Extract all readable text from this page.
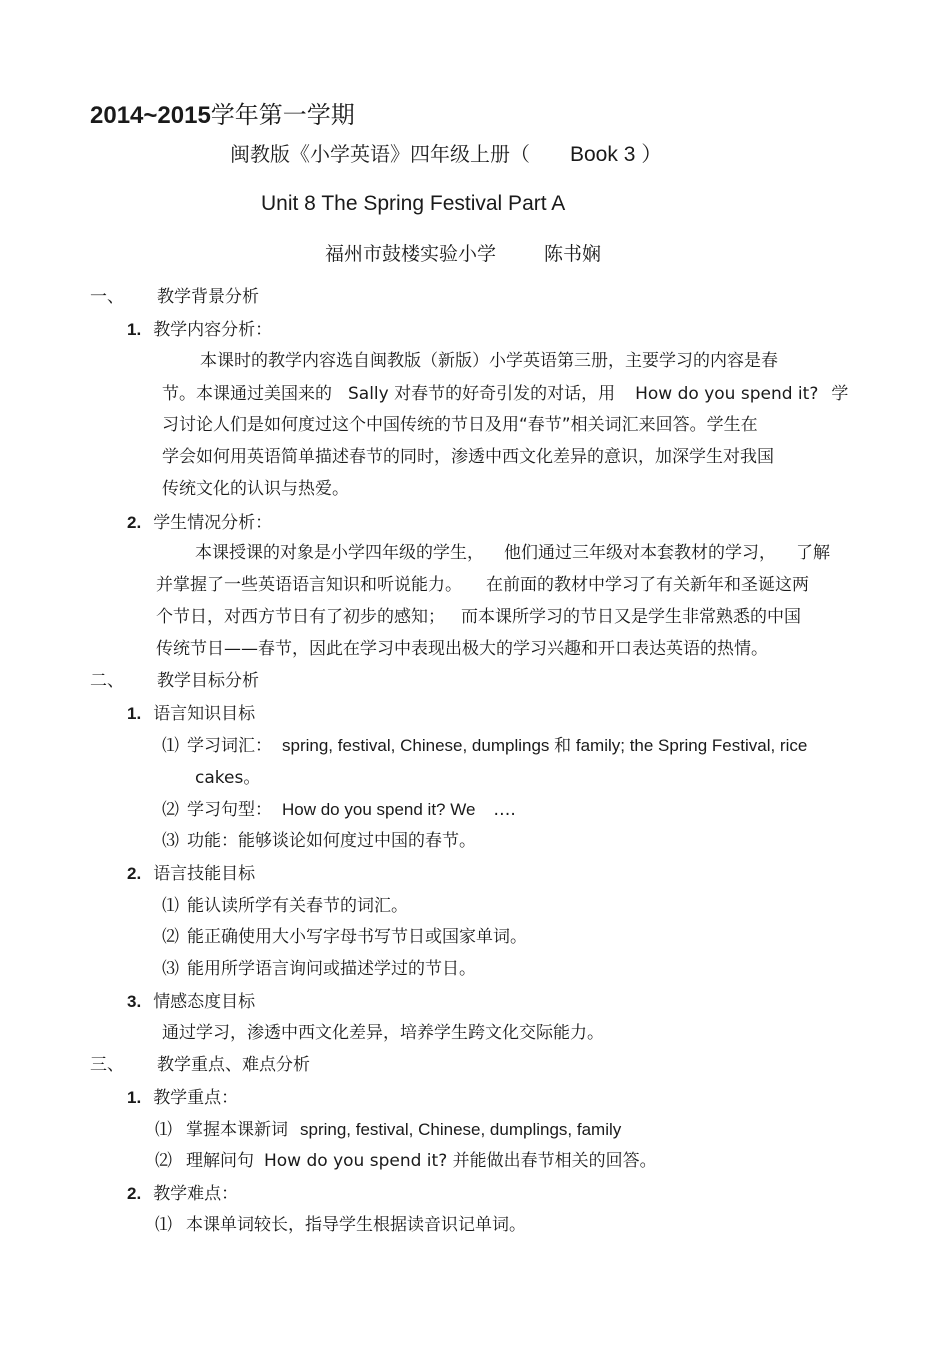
2014~2015学年第一学期
闽教版《小学英语》四年级上册（ Book 3 ）
Unit 8 The Spring Festival Part A
福州市鼓楼实验小学	陈书娴
一、 教学背景分析
1. 教学内容分析：
本课时的教学内容选自闽教版（新版）小学英语第三册，主要学习的内容是春
节。本课通过美国来的 Sally 对春节的好奇引发的对话，用 How do you spend it? 学
习讨论人们是如何度过这个中国传统的节日及用“春节”相关词汇来回答。学生在
学会如何用英语简单描述春节的同时，渗透中西文化差异的意识，加深学生对我国
传统文化的认识与热爱。
2. 学生情况分析：
本课授课的对象是小学四年级的学生， 他们通过三年级对本套教材的学习， 了解
并掌握了一些英语语言知识和听说能力。 在前面的教材中学习了有关新年和圣诞这两
个节日，对西方节日有了初步的感知； 而本课所学习的节日又是学生非常熟悉的中国
传统节日——春节，因此在学习中表现出极大的学习兴趣和开口表达英语的热情。
二、 教学目标分析
1. 语言知识目标
⑴ 学习词汇： spring, festival, Chinese, dumplings 和 family; the Spring Festival, rice
cakes。
⑵ 学习句型： How do you spend it? We ….
⑶ 功能：能够谈论如何度过中国的春节。
2. 语言技能目标
⑴ 能认读所学有关春节的词汇。
⑵ 能正确使用大小写字母书写节日或国家单词。
⑶ 能用所学语言询问或描述学过的节日。
3. 情感态度目标
通过学习，渗透中西文化差异，培养学生跨文化交际能力。
三、 教学重点、难点分析
1. 教学重点：
⑴ 掌握本课新词 spring, festival, Chinese, dumplings, family
⑵ 理解问句 How do you spend it? 并能做出春节相关的回答。
2. 教学难点：
⑴ 本课单词较长，指导学生根据读音识记单词。
